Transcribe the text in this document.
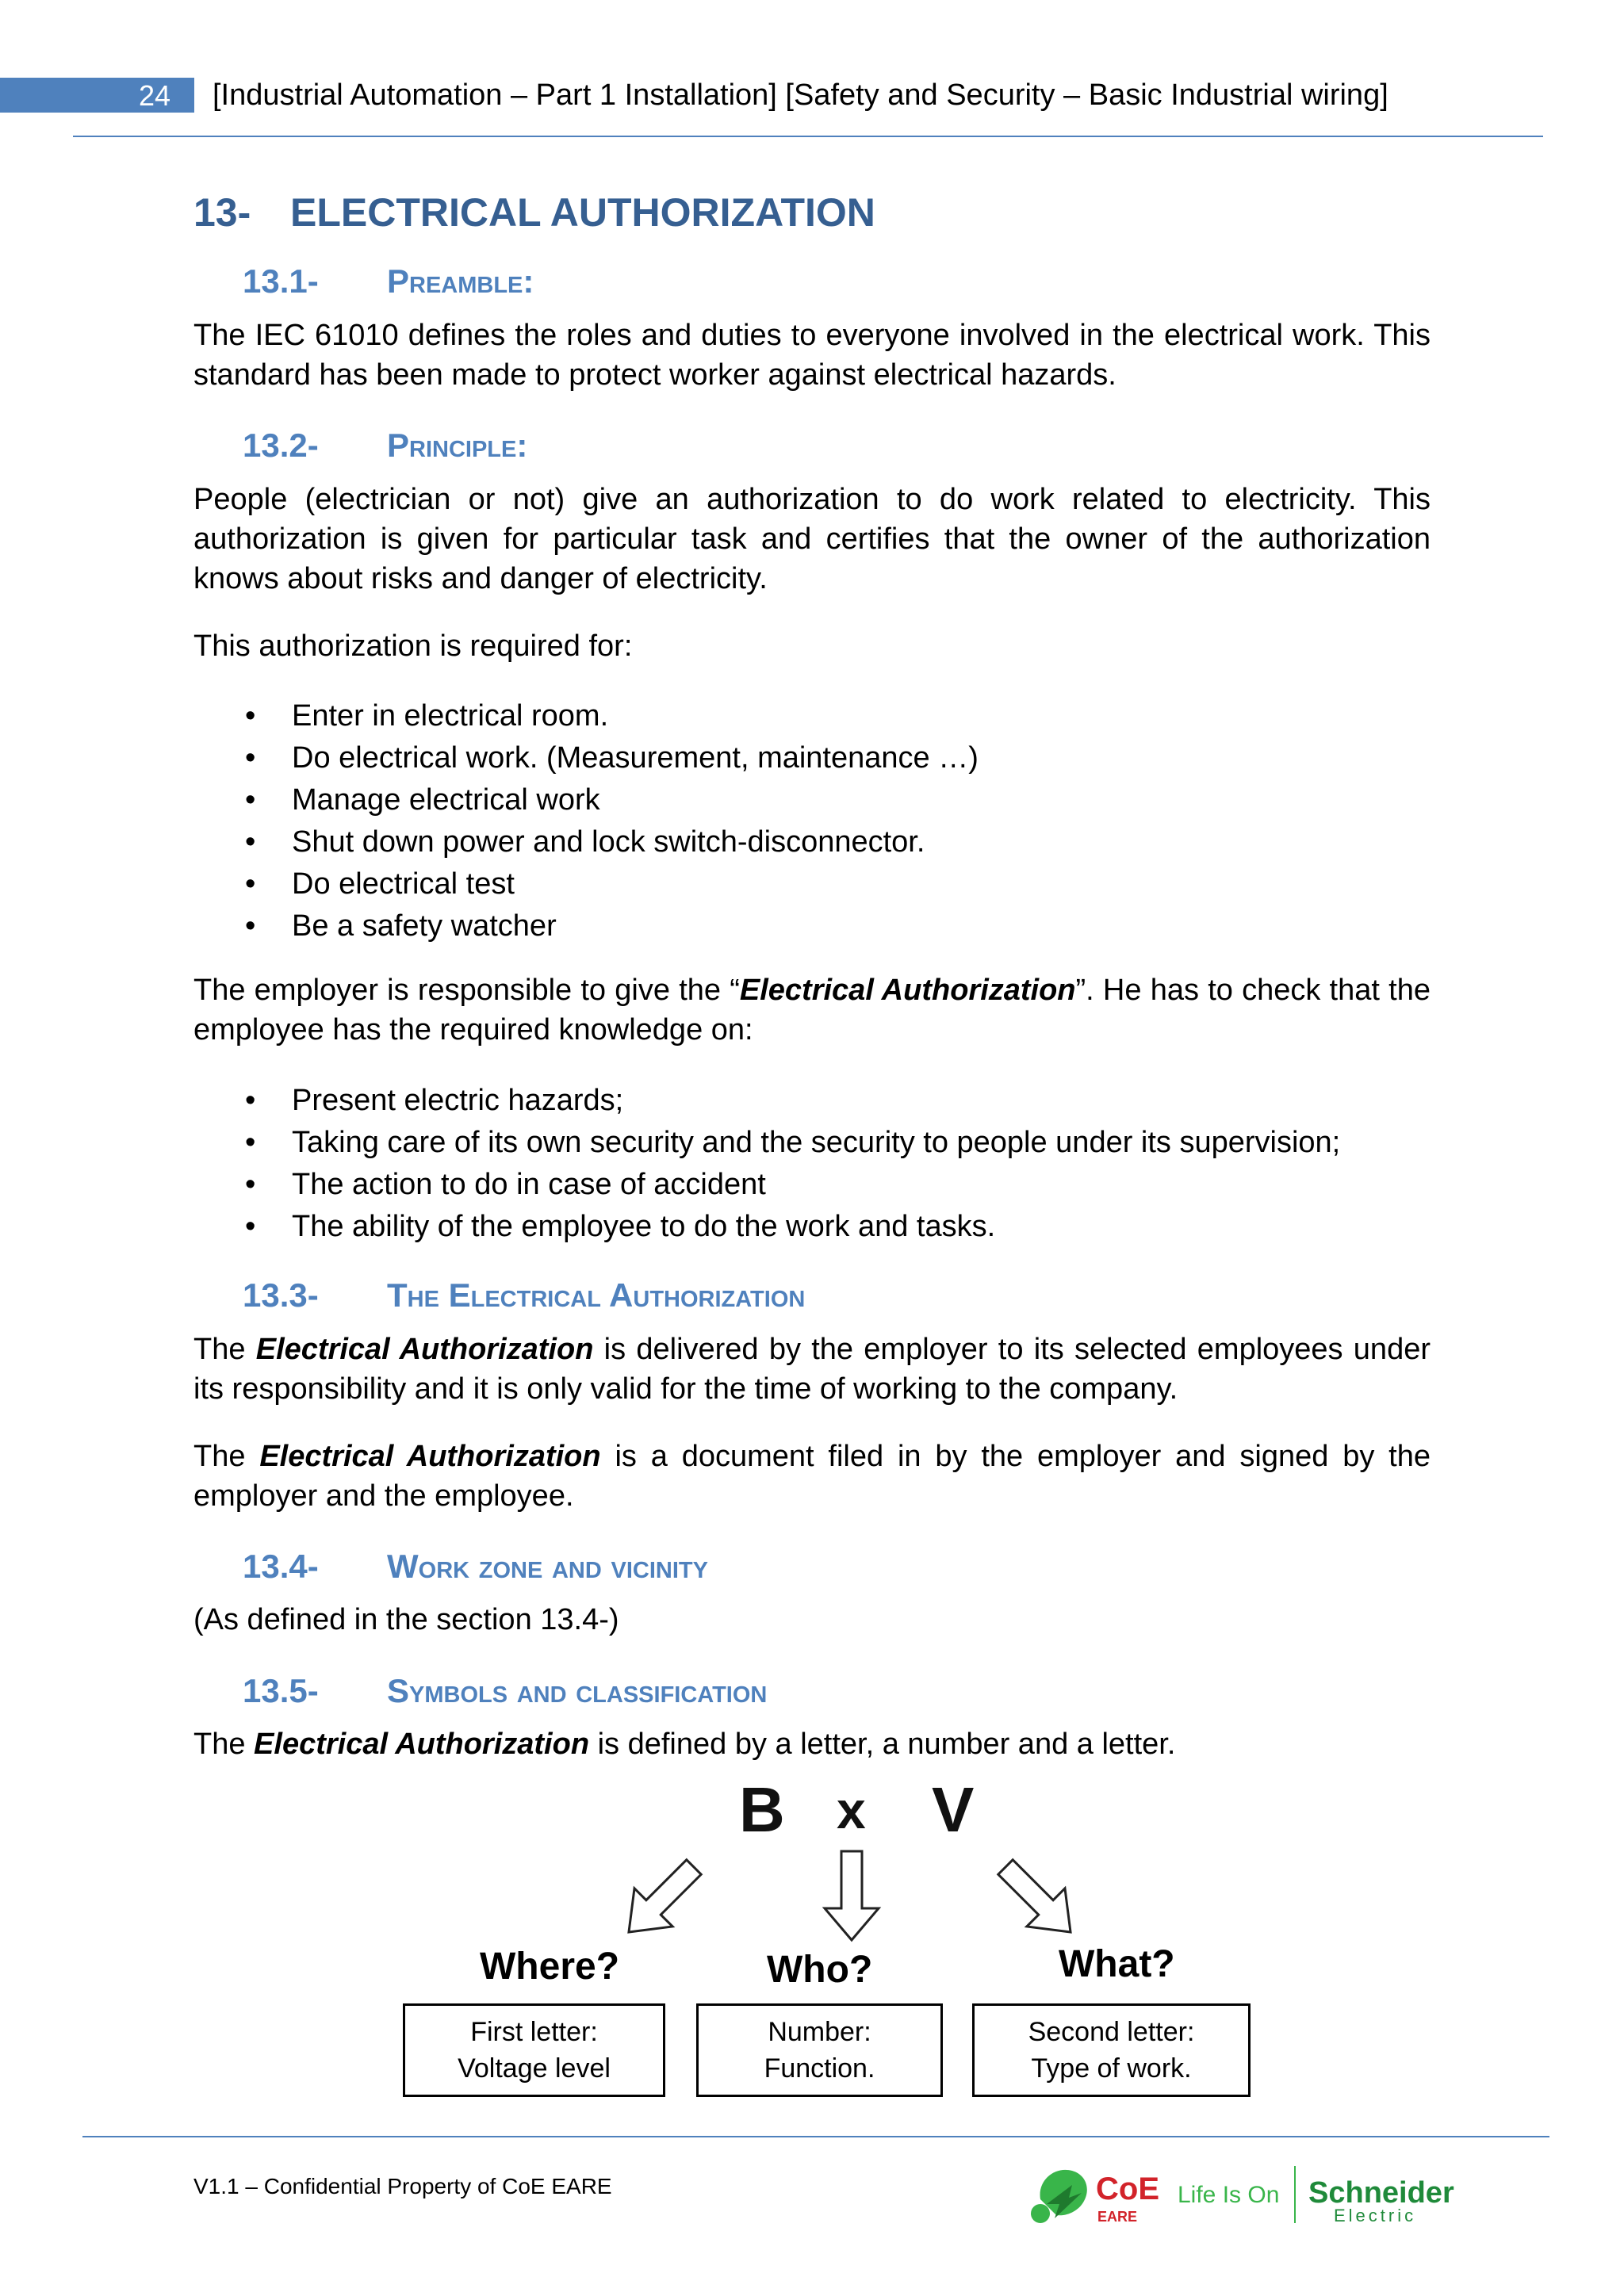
24	[Industrial Automation – Part 1 Installation] [Safety and Security – Basic Industrial wiring]
13- ELECTRICAL AUTHORIZATION
13.1- Preamble:
The IEC 61010 defines the roles and duties to everyone involved in the electrical work. This standard has been made to protect worker against electrical hazards.
13.2- Principle:
People (electrician or not) give an authorization to do work related to electricity. This authorization is given for particular task and certifies that the owner of the authorization knows about risks and danger of electricity.
This authorization is required for:
• Enter in electrical room.
• Do electrical work. (Measurement, maintenance …)
• Manage electrical work
• Shut down power and lock switch-disconnector.
• Do electrical test
• Be a safety watcher
The employer is responsible to give the “Electrical Authorization”. He has to check that the employee has the required knowledge on:
• Present electric hazards;
• Taking care of its own security and the security to people under its supervision;
• The action to do in case of accident
• The ability of the employee to do the work and tasks.
13.3- The Electrical Authorization
The Electrical Authorization is delivered by the employer to its selected employees under its responsibility and it is only valid for the time of working to the company.
The Electrical Authorization is a document filed in by the employer and signed by the employer and the employee.
13.4- Work zone and vicinity
(As defined in the section 13.4-)
13.5- Symbols and classification
The Electrical Authorization is defined by a letter, a number and a letter.
B x V
Where?	Who?	What?
First letter:
Voltage level
Number:
Function.
Second letter:
Type of work.
V1.1 – Confidential Property of CoE EARE	CoE
EARE
Life Is On Schneider
Electric
